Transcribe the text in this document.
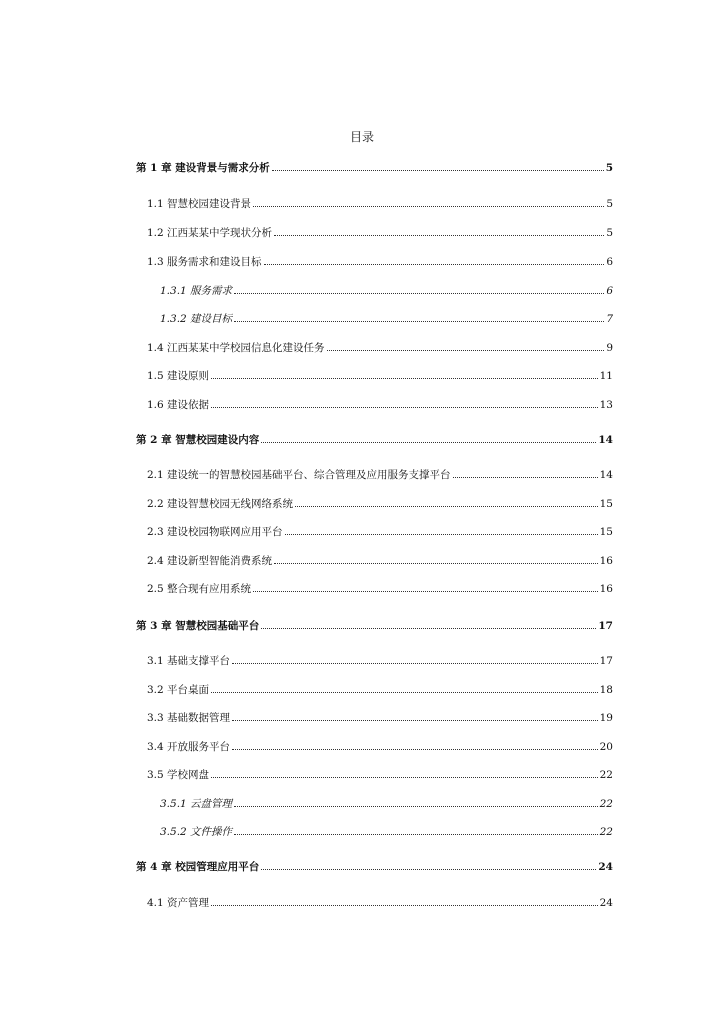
目录
第 1 章 建设背景与需求分析	5
1.1 智慧校园建设背景	5
1.2 江西某某中学现状分析	5
1.3 服务需求和建设目标	6
1.3.1 服务需求	6
1.3.2 建设目标	7
1.4 江西某某中学校园信息化建设任务	9
1.5 建设原则	11
1.6 建设依据	13
第 2 章 智慧校园建设内容	14
2.1 建设统一的智慧校园基础平台、综合管理及应用服务支撑平台	14
2.2 建设智慧校园无线网络系统	15
2.3 建设校园物联网应用平台	15
2.4 建设新型智能消费系统	16
2.5 整合现有应用系统	16
第 3 章 智慧校园基础平台	17
3.1 基础支撑平台	17
3.2 平台桌面	18
3.3 基础数据管理	19
3.4 开放服务平台	20
3.5 学校网盘	22
3.5.1 云盘管理	22
3.5.2 文件操作	22
第 4 章 校园管理应用平台	24
4.1 资产管理	24
